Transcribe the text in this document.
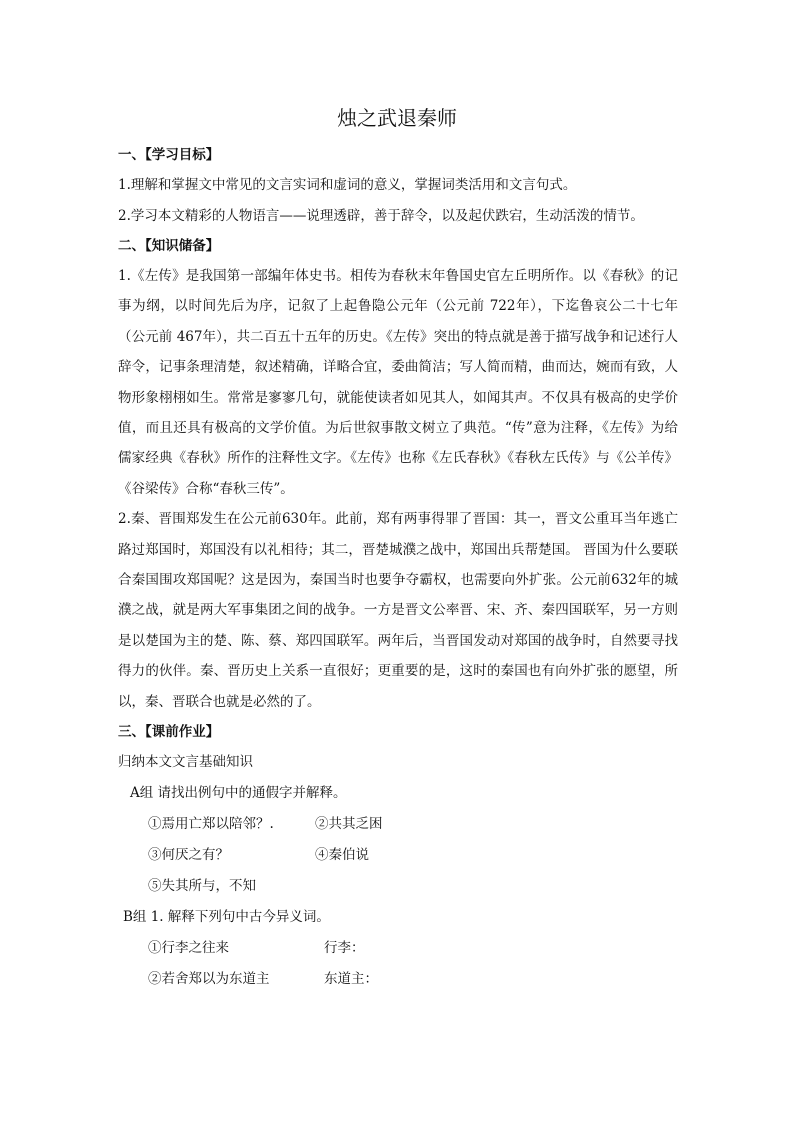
烛之武退秦师
一、【学习目标】
1.理解和掌握文中常见的文言实词和虚词的意义，掌握词类活用和文言句式。
2.学习本文精彩的人物语言——说理透辟，善于辞令，以及起伏跌宕，生动活泼的情节。
二、【知识储备】
1.《左传》是我国第一部编年体史书。相传为春秋末年鲁国史官左丘明所作。以《春秋》的记事为纲，以时间先后为序，记叙了上起鲁隐公元年（公元前 722年），下迄鲁哀公二十七年（公元前 467年），共二百五十五年的历史。《左传》突出的特点就是善于描写战争和记述行人辞令，记事条理清楚，叙述精确，详略合宜，委曲简洁；写人简而精，曲而达，婉而有致，人物形象栩栩如生。常常是寥寥几句，就能使读者如见其人，如闻其声。不仅具有极高的史学价值，而且还具有极高的文学价值。为后世叙事散文树立了典范。“传”意为注释，《左传》为给儒家经典《春秋》所作的注释性文字。《左传》也称《左氏春秋》《春秋左氏传》与《公羊传》《谷梁传》合称“春秋三传”。
2.秦、晋围郑发生在公元前630年。此前，郑有两事得罪了晋国：其一，晋文公重耳当年逃亡路过郑国时，郑国没有以礼相待；其二，晋楚城濮之战中，郑国出兵帮楚国。 晋国为什么要联合秦国围攻郑国呢？这是因为，秦国当时也要争夺霸权，也需要向外扩张。公元前632年的城濮之战，就是两大军事集团之间的战争。一方是晋文公率晋、宋、齐、秦四国联军，另一方则是以楚国为主的楚、陈、蔡、郑四国联军。两年后，当晋国发动对郑国的战争时，自然要寻找得力的伙伴。秦、晋历史上关系一直很好；更重要的是，这时的秦国也有向外扩张的愿望，所以，秦、晋联合也就是必然的了。
三、【课前作业】
归纳本文文言基础知识
A组 请找出例句中的通假字并解释。
①焉用亡郑以陪邻？.	②共其乏困
③何厌之有？	④秦伯说
⑤失其所与，不知
B组 1. 解释下列句中古今异义词。
①行李之往来	行李：
②若舍郑以为东道主	东道主：
